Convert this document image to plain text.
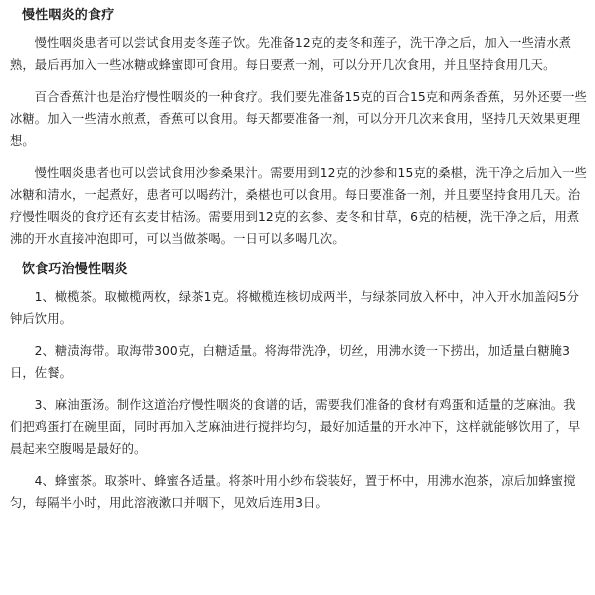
慢性咽炎的食疗

慢性咽炎患者可以尝试食用麦冬莲子饮。先准备12克的麦冬和莲子，洗干净之后，加入一些清水煮熟，最后再加入一些冰糖或蜂蜜即可食用。每日要煮一剂，可以分开几次食用，并且坚持食用几天。

百合香蕉汁也是治疗慢性咽炎的一种食疗。我们要先准备15克的百合15克和两条香蕉，另外还要一些冰糖。加入一些清水煎煮，香蕉可以食用。每天都要准备一剂，可以分开几次来食用，坚持几天效果更理想。

慢性咽炎患者也可以尝试食用沙参桑果汁。需要用到12克的沙参和15克的桑椹，洗干净之后加入一些冰糖和清水，一起煮好，患者可以喝药汁，桑椹也可以食用。每日要准备一剂，并且要坚持食用几天。治疗慢性咽炎的食疗还有玄麦甘桔汤。需要用到12克的玄参、麦冬和甘草，6克的桔梗，洗干净之后，用煮沸的开水直接冲泡即可，可以当做茶喝。一日可以多喝几次。

饮食巧治慢性咽炎

1、橄榄茶。取橄榄两枚，绿茶1克。将橄榄连核切成两半，与绿茶同放入杯中，冲入开水加盖闷5分钟后饮用。

2、糖渍海带。取海带300克，白糖适量。将海带洗净，切丝，用沸水烫一下捞出，加适量白糖腌3日，佐餐。

3、麻油蛋汤。制作这道治疗慢性咽炎的食谱的话，需要我们准备的食材有鸡蛋和适量的芝麻油。我们把鸡蛋打在碗里面，同时再加入芝麻油进行搅拌均匀，最好加适量的开水冲下，这样就能够饮用了，早晨起来空腹喝是最好的。

4、蜂蜜茶。取茶叶、蜂蜜各适量。将茶叶用小纱布袋装好，置于杯中，用沸水泡茶，凉后加蜂蜜搅匀，每隔半小时，用此溶液漱口并咽下，见效后连用3日。
